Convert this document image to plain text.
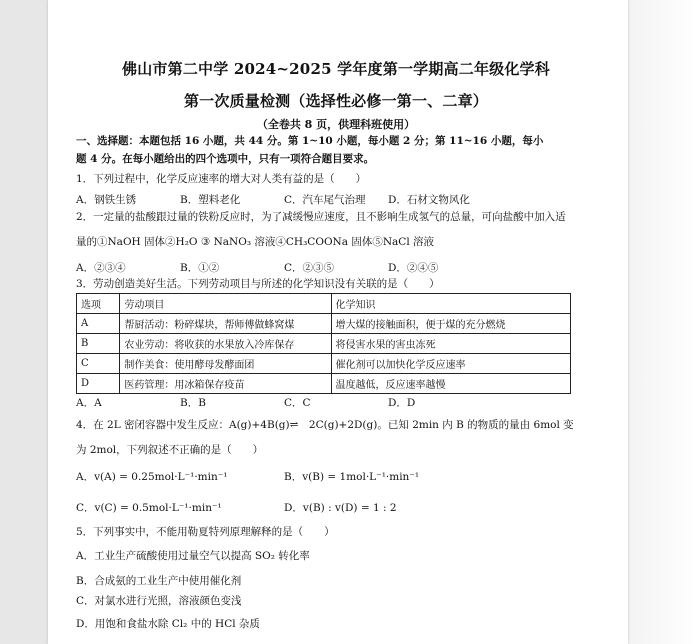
佛山市第二中学 2024~2025 学年度第一学期高二年级化学科
第一次质量检测（选择性必修一第一、二章）
（全卷共 8 页，供理科班使用）
一、选择题：本题包括 16 小题，共 44 分。第 1~10 小题，每小题 2 分；第 11~16 小题，每小
题 4 分。在每小题给出的四个选项中，只有一项符合题目要求。
1．下列过程中，化学反应速率的增大对人类有益的是（　　）
A．钢铁生锈	B．塑料老化	C．汽车尾气治理 D．石材文物风化
2．一定量的盐酸跟过量的铁粉反应时，为了减缓慢应速度，且不影响生成氢气的总量，可向盐酸中加入适
量的①NaOH 固体②H₂O ③ NaNO₃ 溶液④CH₃COONa 固体⑤NaCl 溶液
A．②③④	B．①②	C．②③⑤	D．②④⑤
3．劳动创造美好生活。下列劳动项目与所述的化学知识没有关联的是（　　）
选项	劳动项目	化学知识
A	帮厨活动：粉碎煤块，帮师傅做蜂窝煤	增大煤的接触面积，便于煤的充分燃烧
B	农业劳动：将收获的水果放入冷库保存	将侵害水果的害虫冻死
C	制作美食：使用酵母发酵面团	催化剂可以加快化学反应速率
D	医药管理：用冰箱保存疫苗	温度越低，反应速率越慢
A．A	B．B	C．C	D．D
4．在 2L 密闭容器中发生反应：A(g)+4B(g)⇌　2C(g)+2D(g)。已知 2min 内 B 的物质的量由 6mol 变
为 2mol，下列叙述不正确的是（　　）
A．v(A) = 0.25mol·L⁻¹·min⁻¹	B．v(B) = 1mol·L⁻¹·min⁻¹
C．v(C) = 0.5mol·L⁻¹·min⁻¹	D．v(B) : v(D) = 1 : 2
5．下列事实中，不能用勒夏特列原理解释的是（　　）
A．工业生产硫酸使用过量空气以提高 SO₂ 转化率
B．合成氨的工业生产中使用催化剂
C．对氯水进行光照，溶液颜色变浅
D．用饱和食盐水除 Cl₂ 中的 HCl 杂质
